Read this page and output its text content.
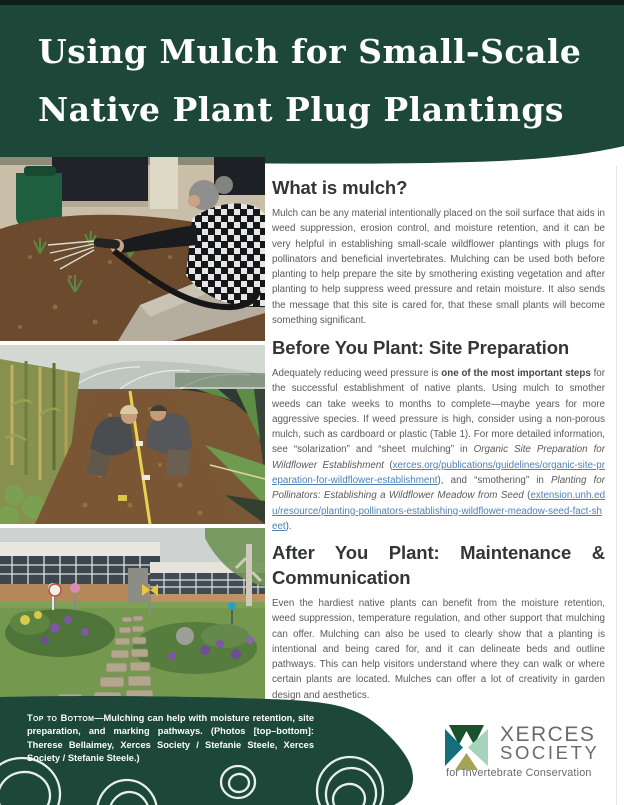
Using Mulch for Small-Scale
Native Plant Plug Plantings
What is mulch?
Mulch can be any material intentionally placed on the soil surface that aids in weed suppression, erosion control, and moisture retention, and it can be very helpful in establishing small-scale wildflower plantings with plugs for pollinators and beneficial invertebrates. Mulching can be used both before planting to help prepare the site by smothering existing vegetation and after planting to help suppress weed pressure and retain moisture. It also sends the message that this site is cared for, that these small plants will become something significant.
Before You Plant: Site Preparation
Adequately reducing weed pressure is one of the most important steps for the successful establishment of native plants. Using mulch to smother weeds can take weeks to months to complete—maybe years for more aggressive species. If weed pressure is high, consider using a non-porous mulch, such as cardboard or plastic (Table 1). For more detailed information, see “solarization” and “sheet mulching” in Organic Site Preparation for Wildflower Establishment (xerces.org/publications/guidelines/organic-site-preparation-for-wildflower-establishment), and “smothering” in Planting for Pollinators: Establishing a Wildflower Meadow from Seed (extension.unh.edu/resource/planting-pollinators-establishing-wildflower-meadow-seed-fact-sheet).
After You Plant: Maintenance &
Communication
Even the hardiest native plants can benefit from the moisture retention, weed suppression, temperature regulation, and other support that mulching can offer. Mulching can also be used to clearly show that a planting is intentional and being cared for, and it can delineate beds and outline pathways. This can help visitors understand where they can walk or where certain plants are located. Mulches can offer a lot of creativity in garden design and aesthetics.
Top to Bottom—Mulching can help with moisture retention, site preparation, and marking pathways. (Photos [top–bottom]: Therese Bellaimey, Xerces Society / Stefanie Steele, Xerces Society / Stefanie Steele.)
XERCES
SOCIETY
for Invertebrate Conservation
